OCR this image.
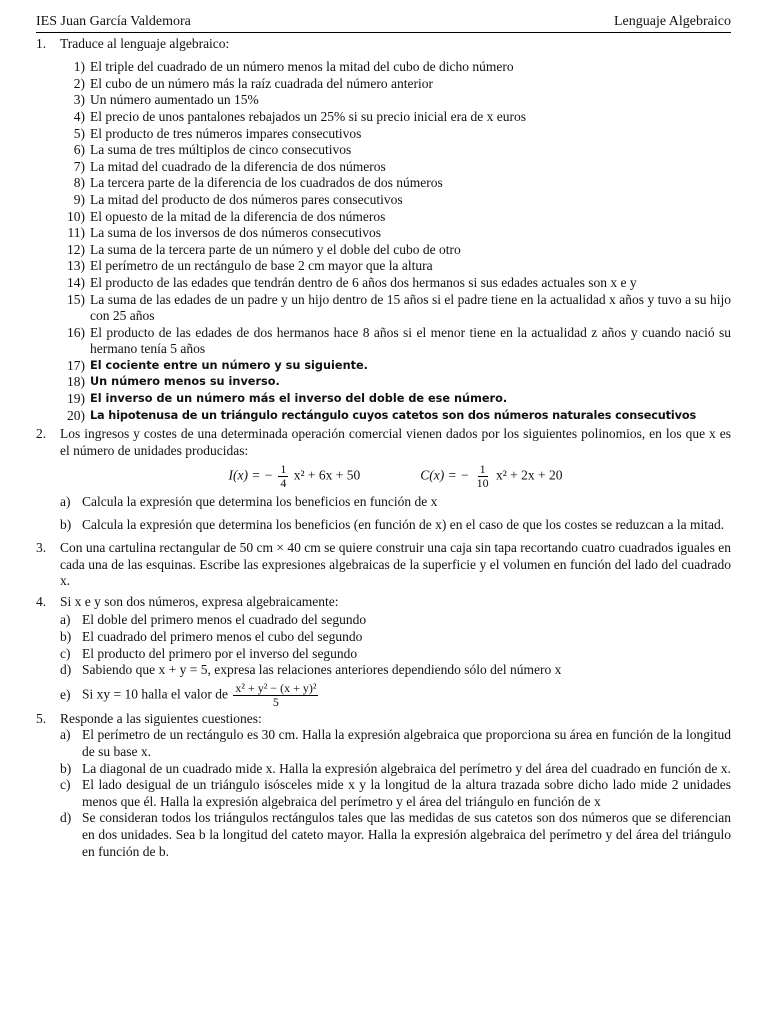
IES Juan García Valdemora	Lenguaje Algebraico
1.	Traduce al lenguaje algebraico:
1) El triple del cuadrado de un número menos la mitad del cubo de dicho número
2) El cubo de un número más la raíz cuadrada del número anterior
3) Un número aumentado un 15%
4) El precio de unos pantalones rebajados un 25% si su precio inicial era de x euros
5) El producto de tres números impares consecutivos
6) La suma de tres múltiplos de cinco consecutivos
7) La mitad del cuadrado de la diferencia de dos números
8) La tercera parte de la diferencia de los cuadrados de dos números
9) La mitad del producto de dos números pares consecutivos
10) El opuesto de la mitad de la diferencia de dos números
11) La suma de los inversos de dos números consecutivos
12) La suma de la tercera parte de un número y el doble del cubo de otro
13) El perímetro de un rectángulo de base 2 cm mayor que la altura
14) El producto de las edades que tendrán dentro de 6 años dos hermanos si sus edades actuales son x e y
15) La suma de las edades de un padre y un hijo dentro de 15 años si el padre tiene en la actualidad x años y tuvo a su hijo con 25 años
16) El producto de las edades de dos hermanos hace 8 años si el menor tiene en la actualidad z años y cuando nació su hermano tenía 5 años
17) El cociente entre un número y su siguiente.
18) Un número menos su inverso.
19) El inverso de un número más el inverso del doble de ese número.
20) La hipotenusa de un triángulo rectángulo cuyos catetos son dos números naturales consecutivos
2.	Los ingresos y costes de una determinada operación comercial vienen dados por los siguientes polinomios, en los que x es el número de unidades producidas:
I(x) = − $\frac{1}{4} x^2 + 6x + 50$	C(x) = − $\frac{1}{10} x^2 + 2x + 20$
a) Calcula la expresión que determina los beneficios en función de x
b) Calcula la expresión que determina los beneficios (en función de x) en el caso de que los costes se reduzcan a la mitad.
3.	Con una cartulina rectangular de 50 cm × 40 cm se quiere construir una caja sin tapa recortando cuatro cuadrados iguales en cada una de las esquinas. Escribe las expresiones algebraicas de la superficie y el volumen en función del lado del cuadrado x.
4.	Si x e y son dos números, expresa algebraicamente:
a) El doble del primero menos el cuadrado del segundo
b) El cuadrado del primero menos el cubo del segundo
c) El producto del primero por el inverso del segundo
d) Sabiendo que x + y = 5, expresa las relaciones anteriores dependiendo sólo del número x
e) Si xy = 10 halla el valor de $\frac{\text{x² + y² − (x + y)²}}{5}$
5.	Responde a las siguientes cuestiones:
a) El perímetro de un rectángulo es 30 cm. Halla la expresión algebraica que proporciona su área en función de la longitud de su base x.
b) La diagonal de un cuadrado mide x. Halla la expresión algebraica del perímetro y del área del cuadrado en función de x.
c) El lado desigual de un triángulo isósceles mide x y la longitud de la altura trazada sobre dicho lado mide 2 unidades menos que él. Halla la expresión algebraica del perímetro y el área del triángulo en función de x
d) Se consideran todos los triángulos rectángulos tales que las medidas de sus catetos son dos números que se diferencian en dos unidades. Sea b la longitud del cateto mayor. Halla la expresión algebraica del perímetro y del área del triángulo en función de b.
